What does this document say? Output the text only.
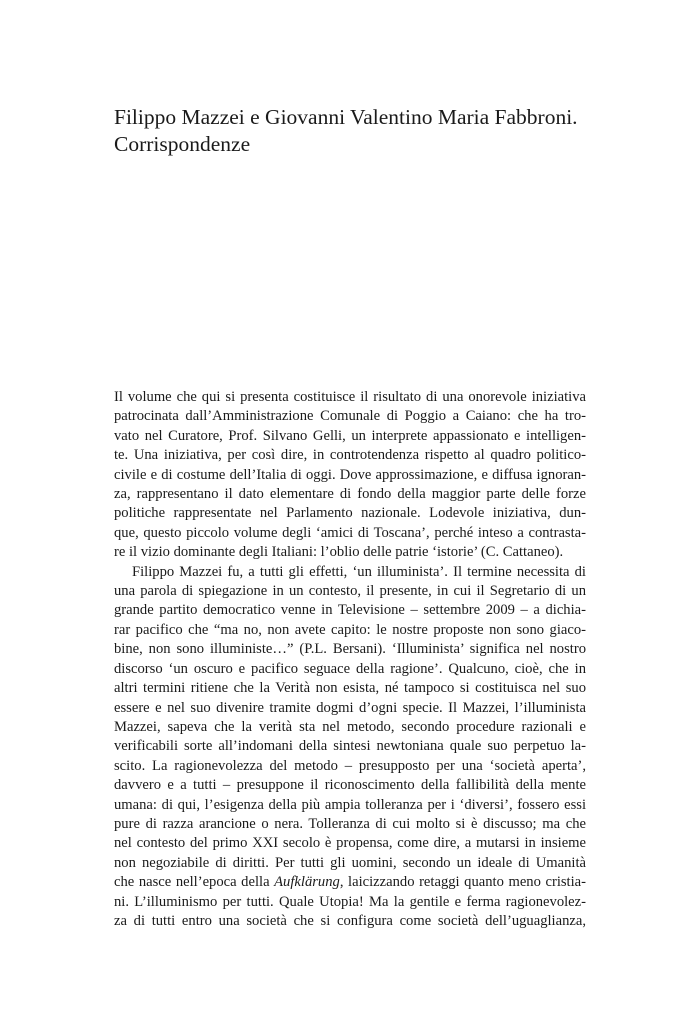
Filippo Mazzei e Giovanni Valentino Maria Fabbroni.
Corrispondenze
Il volume che qui si presenta costituisce il risultato di una onorevole iniziativa
patrocinata dall’Amministrazione Comunale di Poggio a Caiano: che ha tro-
vato nel Curatore, Prof. Silvano Gelli, un interprete appassionato e intelligen-
te. Una iniziativa, per così dire, in controtendenza rispetto al quadro politico-
civile e di costume dell’Italia di oggi. Dove approssimazione, e diffusa ignoran-
za, rappresentano il dato elementare di fondo della maggior parte delle forze
politiche rappresentate nel Parlamento nazionale. Lodevole iniziativa, dun-
que, questo piccolo volume degli ‘amici di Toscana’, perché inteso a contrasta-
re il vizio dominante degli Italiani: l’oblio delle patrie ‘istorie’ (C. Cattaneo).
Filippo Mazzei fu, a tutti gli effetti, ‘un illuminista’. Il termine necessita di
una parola di spiegazione in un contesto, il presente, in cui il Segretario di un
grande partito democratico venne in Televisione – settembre 2009 – a dichia-
rar pacifico che “ma no, non avete capito: le nostre proposte non sono giaco-
bine, non sono illuministe…” (P.L. Bersani). ‘Illuminista’ significa nel nostro
discorso ‘un oscuro e pacifico seguace della ragione’. Qualcuno, cioè, che in
altri termini ritiene che la Verità non esista, né tampoco si costituisca nel suo
essere e nel suo divenire tramite dogmi d’ogni specie. Il Mazzei, l’illuminista
Mazzei, sapeva che la verità sta nel metodo, secondo procedure razionali e
verificabili sorte all’indomani della sintesi newtoniana quale suo perpetuo la-
scito. La ragionevolezza del metodo – presupposto per una ‘società aperta’,
davvero e a tutti – presuppone il riconoscimento della fallibilità della mente
umana: di qui, l’esigenza della più ampia tolleranza per i ‘diversi’, fossero essi
pure di razza arancione o nera. Tolleranza di cui molto si è discusso; ma che
nel contesto del primo XXI secolo è propensa, come dire, a mutarsi in insieme
non negoziabile di diritti. Per tutti gli uomini, secondo un ideale di Umanità
che nasce nell’epoca della Aufklärung, laicizzando retaggi quanto meno cristia-
ni. L’illuminismo per tutti. Quale Utopia! Ma la gentile e ferma ragionevolez-
za di tutti entro una società che si configura come società dell’uguaglianza,
